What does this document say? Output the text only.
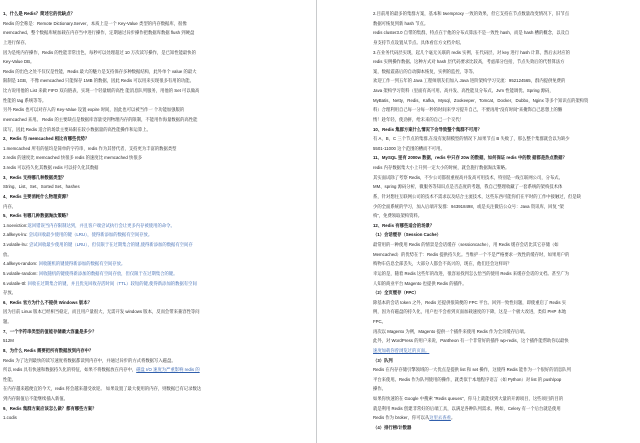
1、什么是 Redis？简述它的优缺点？

Redis 的全称是：Remote Dictionary.Server，本质上是一个 Key-Value 类型的内存数据库，很像

memcached。整个数据库统加载在内存当中进行操作，定期通过异步操作把数据库数据 flush 到硬盘

上进行保存。

因为是纯内存操作，Redis 的性能非常出色，每秒可以处理超过 10 万次读写操作，是已知性能最快的

Key-Value DB。

Redis 的出色之处不仅仅是性能，Redis 最大的魅力是支持保存多种数据结构，此外单个 value 的最大

限制是 1GB，不像 memcached 只能保存 1MB 的数据，因此 Redis 可以用来实现很多有用的功能。

比方说用他的 List 来做 FIFO 双向链表，实现一个轻量级的高性 能消息队列服务，用他的 Set 可以做高

性能的 tag 系统等等。

另外 Redis 也可以对存入的 Key-Value 设置 expire 时间，因此也可以被当作一 个功能加强版的

memcached 来用。 Redis 的主要缺点是数据库容量受到物理内存的限制，不能用作海量数据的高性能

读写，因此 Redis 适合的场景主要局限在较小数据量的高性能操作和运算上。

2、Redis 与 memcached 相比有哪些优势？

1.memcached 所有的值均是简单的字符串，redis 作为其替代者，支持更为丰富的数据类型

2.redis 的速度比 memcached 快很多 redis 的速度比 memcached 快很多

3.redis 可以持久化其数据 redis 可以持久化其数据

3、Redis 支持哪几种数据类型？

String、List、Set、Sorted Set、hashes

4、Redis 主要消耗什么物理资源？

内存。

5、Redis 有哪几种数据淘汰策略？

1.noeviction:返回错误当内存限制达到，并且客户端尝试执行会让更多内存被使用的命令。

2.allkeys-lru: 尝试回收最少使用的键（LRU），使得新添加的数据有空间存放。

3.volatile-lru: 尝试回收最少使用的键（LRU），但仅限于在过期集合的键,使得新添加的数据有空间存

放。

4.allkeys-random: 回收随机的键使得新添加的数据有空间存放。

5.volatile-random: 回收随机的键使得新添加的数据有空间存放，但仅限于在过期集合的键。

6.volatile-ttl: 回收在过期集合的键，并且优先回收存活时间（TTL）较短的键,使得新添加的数据有空间

存放。

6、Redis 官方为什么不提供 Windows 版本？

因为目前 Linux 版本已经相当稳定，而且用户量很大，无需开发 windows 版本，反而会带来兼容性等问

题。

7、一个字符串类型的值能存储最大容量是多少？

512M

8、为什么 Redis 需要把所有数据放到内存中？

Redis 为了达到最快的读写速度将数据都读到内存中，并通过异步的方式将数据写入磁盘。

所以 redis 具有快速和数据持久化的特征，如果不将数据放在内存中，磁盘 I/O 速度为严重影响 redis 的

性能。

在内存越来越便宜的今天，redis 将会越来越受欢迎。 如果设置了最大使用的内存，则数据已有记录数达

到内存限值后不能继续插入新值。

9、Redis 集群方案应该怎么做？都有哪些方案？

1.codis

2.目前用的最多的集群方案，基本和 twemproxy 一致的效果，但它支持在节点数量改变情况下，旧节点

数据可恢复到新 hash 节点。

redis cluster3.0 自带的集群，特点在于他的分布式算法不是一致性 hash，而是 hash 槽的概念，以及自

身支持节点设置从节点。具体看官方文档介绍。

3.在业务代码层实现，起几个毫无关联的 redis 实例，在代码层，对 key 进行 hash 计算，然后去对应的

redis 实例操作数据。这种方式对 hash 层代码要求比较高，考虑部分包括，节点失效后的代替算法方

案，数据震荡后的自动脚本恢复，实例的监控，等等。

欢迎工作一到五年的 Java 工程师朋友们加入 Java 进阶架构学习交流：952124565，群内提供免费的

Java 架构学习资料（里面有高可用、高并发、高性能及分布式、Jvm 性能调优、Spring 源码，

MyBatis，Netty，Redis，Kafka，Mysql，Zookeeper，Tomcat，Docker，Dubbo，Nginx 等多个知识点的架构资

料）合理利用自己每一分每一秒的时间来学习提升自己，不要再用“没有时间“来掩饰自己思想上的懒

惰！趁年轻，使劲拼，给未来的自己一个交代！

10、Redis 集群方案什么情况下会导致整个集群不可用？

有 A，B，C 三个节点的集群,在没有复制模型的情况下,如果节点 B 失败了，那么整个集群就会以为缺少

5501-11000 这个范围的槽而不可用。

11、MySQL 里有 2000w 数据，redis 中只存 20w 的数据，如何保证 redis 中的数 据都是热点数据？

redis 内存数据集大小上升到一定大小的时候，就会施行数据淘汰策略。

其实面试除了考察 Redis，不少公司都很重视高并发高可用技术，特别是一线互联网公司，分布式、

MM、spring 源码分析，微服务等知识点是否态度的考题，我自己整理收藏了一套系统的架构技术体

系，针对想往互联网公司的技术不需求以及结合主流技术，这些东西可能你们在平时的工作中接触过，但是缺

少的全面系统的学习，加入后端开发群：943918498，或是关注微信公众号：Java 资讯库，回复 “架

构”，免费领取架构资料。

12、Redis 有哪些适合的场景？

（1）会话缓存（Session Cache）

最常用的一种使用 Redis 的情景是会话缓存（sessioncache），用 Redis 缓存会话比其它存储（如

Memcached）的优势在于：Redis 提供持久化。当维护一个不是严格要求一致性的缓存时，如果用户的

购物车信息全部丢失，大部分人都会不高兴的，现在，他们还会这样吗？

幸运的是，随着 Redis 这些年的改进，很容易找到怎么恰当的使用 Redis 来缓存会话的文档。甚至广为

人知的商业平台 Magento 也提供 Redis 的插件。

（2）全页缓存（FPC）

除基本的会话 token 之外，Redis 还提供很简便的 FPC 平台。回到一致性问题，即使重启了 Redis 实

例，因为有磁盘的持久化，用户也不会看到页面加载速度的下降，这是一个极大改进，类似 PHP 本地

FPC。

再次以 Magento 为例，Magento 提供一个插件来使用 Redis 作为全页缓存后端。

此外，对 WordPress 的用户来说，Pantheon 有一个非常好的插件 wp-redis，这个插件能帮助你以最快

速度加载你曾浏览过的页面。

（3）队列

Redis 在内存存储引擎领域的一大优点是提供 list 和 set 操作，这使得 Redis 能作为一个很好的消息队列

平台来使用。Redis 作为队列使用的操作，就类似于本地程序语言（如 Python）对 list 的 push/pop

操作。

如果你快速的在 Google 中搜索 “Redis queues”，你马上就能找到大量的开源项目，这些项目的目的

就是利用 Redis 创建非常好的后端工具，以满足各种队列需求。例如，Celery 有一个后台就是使用

Redis 作为 broker，你可以从这里去查看。

（4）排行榜/计数器
